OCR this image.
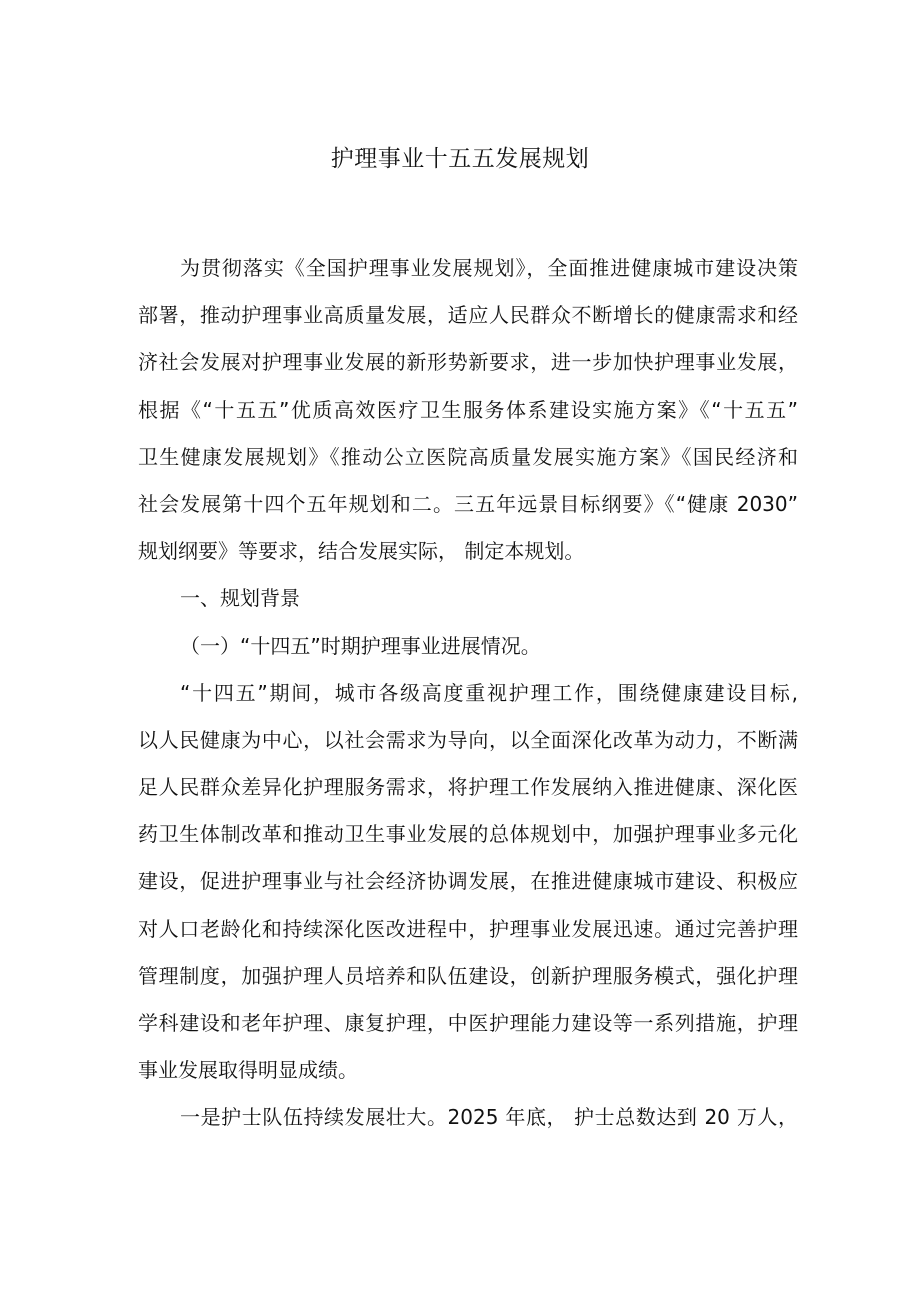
护理事业十五五发展规划
为贯彻落实《全国护理事业发展规划》，全面推进健康城市建设决策
部署，推动护理事业高质量发展，适应人民群众不断增长的健康需求和经
济社会发展对护理事业发展的新形势新要求，进一步加快护理事业发展，
根据《“十五五”优质高效医疗卫生服务体系建设实施方案》《“十五五”
卫生健康发展规划》《推动公立医院高质量发展实施方案》《国民经济和
社会发展第十四个五年规划和二。三五年远景目标纲要》《“健康 2030”
规划纲要》等要求，结合发展实际， 制定本规划。
一、规划背景
（一）“十四五”时期护理事业进展情况。
“十四五”期间，城市各级高度重视护理工作，围绕健康建设目标,
以人民健康为中心，以社会需求为导向，以全面深化改革为动力，不断满
足人民群众差异化护理服务需求，将护理工作发展纳入推进健康、深化医
药卫生体制改革和推动卫生事业发展的总体规划中，加强护理事业多元化
建设，促进护理事业与社会经济协调发展，在推进健康城市建设、积极应
对人口老龄化和持续深化医改进程中，护理事业发展迅速。通过完善护理
管理制度，加强护理人员培养和队伍建设，创新护理服务模式，强化护理
学科建设和老年护理、康复护理，中医护理能力建设等一系列措施，护理
事业发展取得明显成绩。
一是护士队伍持续发展壮大。2025 年底， 护士总数达到 20 万人，
